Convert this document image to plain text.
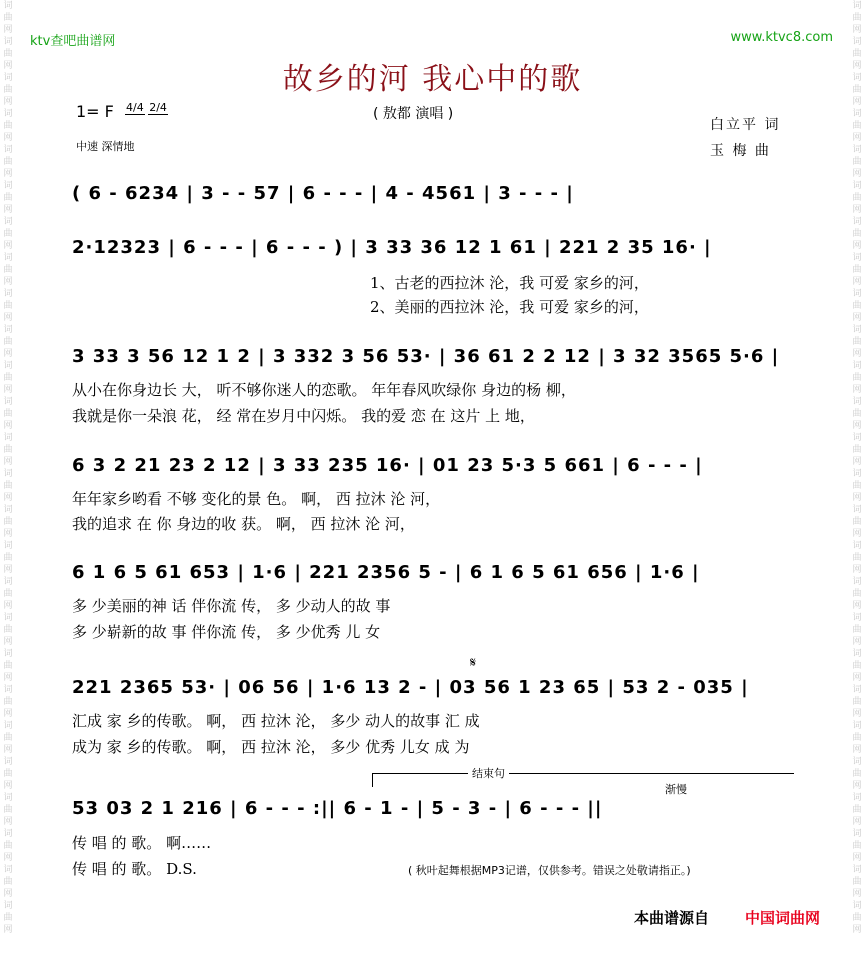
词曲网词曲网词曲网词曲网词曲网词曲网词曲网词曲网词曲网词曲网词曲网词曲网词曲网词曲网词曲网词曲网词曲网词曲网词曲网词曲网词曲网词曲网词曲网词曲网词曲网词曲网
词曲网词曲网词曲网词曲网词曲网词曲网词曲网词曲网词曲网词曲网词曲网词曲网词曲网词曲网词曲网词曲网词曲网词曲网词曲网词曲网词曲网词曲网词曲网词曲网词曲网词曲网
ktv查吧曲谱网	www.ktvc8.com
故乡的河 我心中的歌
( 敖都 演唱 )
1= F 4/4 2/4
中速 深情地
白立平 词
玉 梅 曲
( 6 - 6234 | 3 - - 57 | 6 - - - | 4 - 4561 | 3 - - - |
2·12323 | 6 - - - | 6 - - - ) | 3 33 36 12 1 61 | 221 2 35 16· |
1、古老的西拉沐 沦，我 可爱 家乡的河，
2、美丽的西拉沐 沦，我 可爱 家乡的河，
3 33 3 56 12 1 2 | 3 332 3 56 53· | 36 61 2 2 12 | 3 32 3565 5·6 |
从小在你身边长 大， 听不够你迷人的恋歌。 年年春风吹绿你 身边的杨 柳，
我就是你一朵浪 花， 经 常在岁月中闪烁。 我的爱 恋 在 这片 上 地，
6 3 2 21 23 2 12 | 3 33 235 16· | 01 23 5·3 5 661 | 6 - - - |
年年家乡哟看 不够 变化的景 色。 啊， 西 拉沐 沦 河，
我的追求 在 你 身边的收 获。 啊， 西 拉沐 沦 河，
6 1 6 5 61 653 | 1·6 | 221 2356 5 - | 6 1 6 5 61 656 | 1·6 |
多 少美丽的神 话 伴你流 传， 多 少动人的故 事
多 少崭新的故 事 伴你流 传， 多 少优秀 儿 女
𝄋
221 2365 53· | 06 56 | 1·6 13 2 - | 03 56 1 23 65 | 53 2 - 035 |
汇成 家 乡的传歌。 啊， 西 拉沐 沦， 多少 动人的故事 汇 成
成为 家 乡的传歌。 啊， 西 拉沐 沦， 多少 优秀 儿女 成 为
结束句
渐慢
53 03 2 1 216 | 6 - - - :|| 6 - 1 - | 5 - 3 - | 6 - - - ||
传 唱 的 歌。 啊……
传 唱 的 歌。 D.S.	( 秋叶起舞根据MP3记谱，仅供参考。错误之处敬请指正。)
本曲谱源自 中国词曲网
